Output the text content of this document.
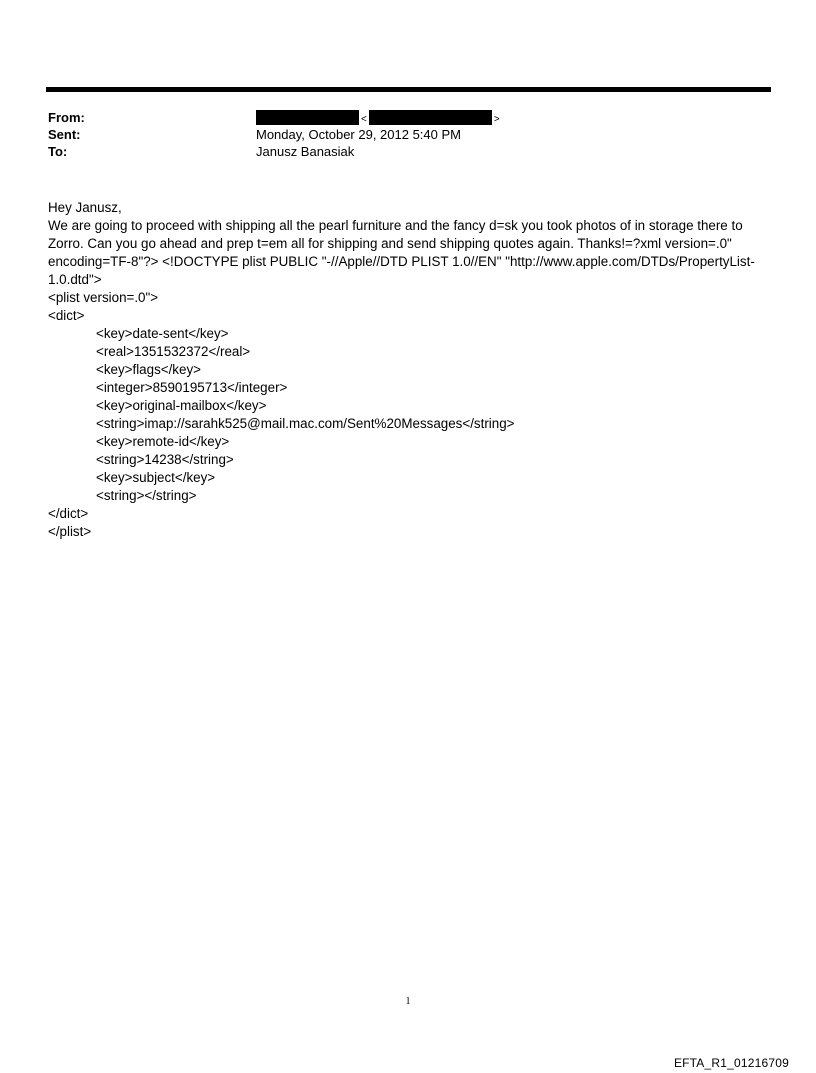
From:	<	>
Sent:	Monday, October 29, 2012 5:40 PM
To:	Janusz Banasiak

Hey Janusz,

We are going to proceed with shipping all the pearl furniture and the fancy d=sk you took photos of in storage there to Zorro. Can you go ahead and prep t=em all for shipping and send shipping quotes again. Thanks!=?xml version=.0" encoding=TF-8"?> <!DOCTYPE plist PUBLIC "-//Apple//DTD PLIST 1.0//EN" "http://www.apple.com/DTDs/PropertyList-1.0.dtd">

<plist version=.0">

<dict>

<key>date-sent</key>

<real>1351532372</real>

<key>flags</key>

<integer>8590195713</integer>

<key>original-mailbox</key>

<string>imap://sarahk525@mail.mac.com/Sent%20Messages</string>

<key>remote-id</key>

<string>14238</string>

<key>subject</key>

<string></string>

</dict>

</plist>

1
EFTA_R1_01216709
